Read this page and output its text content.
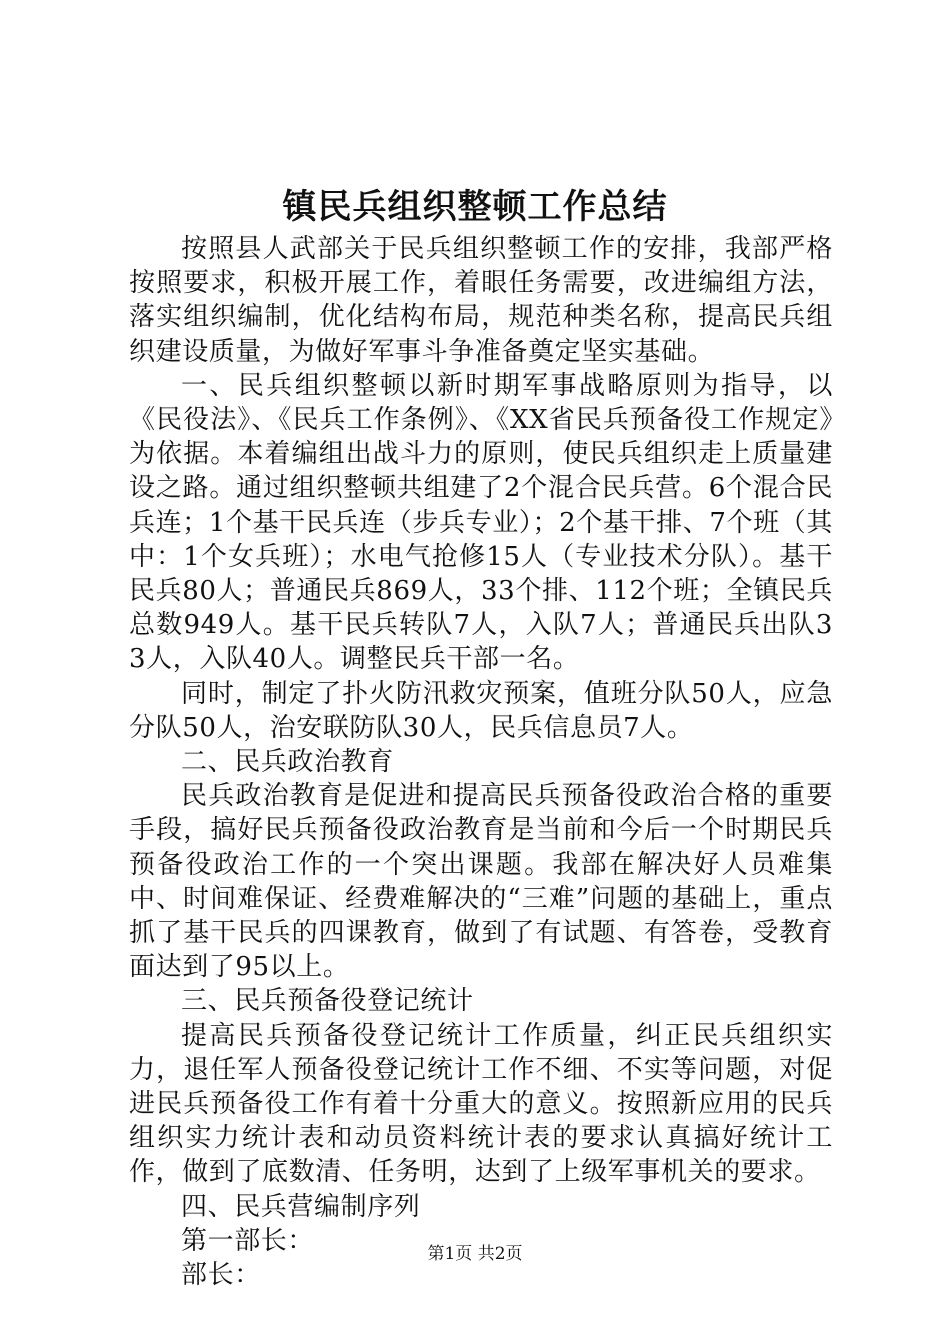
镇民兵组织整顿工作总结

按照县人武部关于民兵组织整顿工作的安排，我部严格按照要求，积极开展工作，着眼任务需要，改进编组方法，落实组织编制，优化结构布局，规范种类名称，提高民兵组织建设质量，为做好军事斗争准备奠定坚实基础。

一、民兵组织整顿以新时期军事战略原则为指导，以《民役法》、《民兵工作条例》、《XX省民兵预备役工作规定》为依据。本着编组出战斗力的原则，使民兵组织走上质量建设之路。通过组织整顿共组建了2个混合民兵营。6个混合民兵连；1个基干民兵连（步兵专业）；2个基干排、7个班（其中：1个女兵班）；水电气抢修15人（专业技术分队）。基干民兵80人；普通民兵869人，33个排、112个班；全镇民兵总数949人。基干民兵转队7人，入队7人；普通民兵出队33人，入队40人。调整民兵干部一名。

同时，制定了扑火防汛救灾预案，值班分队50人，应急分队50人，治安联防队30人，民兵信息员7人。

二、民兵政治教育

民兵政治教育是促进和提高民兵预备役政治合格的重要手段，搞好民兵预备役政治教育是当前和今后一个时期民兵预备役政治工作的一个突出课题。我部在解决好人员难集中、时间难保证、经费难解决的“三难”问题的基础上，重点抓了基干民兵的四课教育，做到了有试题、有答卷，受教育面达到了95以上。

三、民兵预备役登记统计

提高民兵预备役登记统计工作质量，纠正民兵组织实力，退任军人预备役登记统计工作不细、不实等问题，对促进民兵预备役工作有着十分重大的意义。按照新应用的民兵组织实力统计表和动员资料统计表的要求认真搞好统计工作，做到了底数清、任务明，达到了上级军事机关的要求。

四、民兵营编制序列

第一部长：

部长：

第1页 共2页
